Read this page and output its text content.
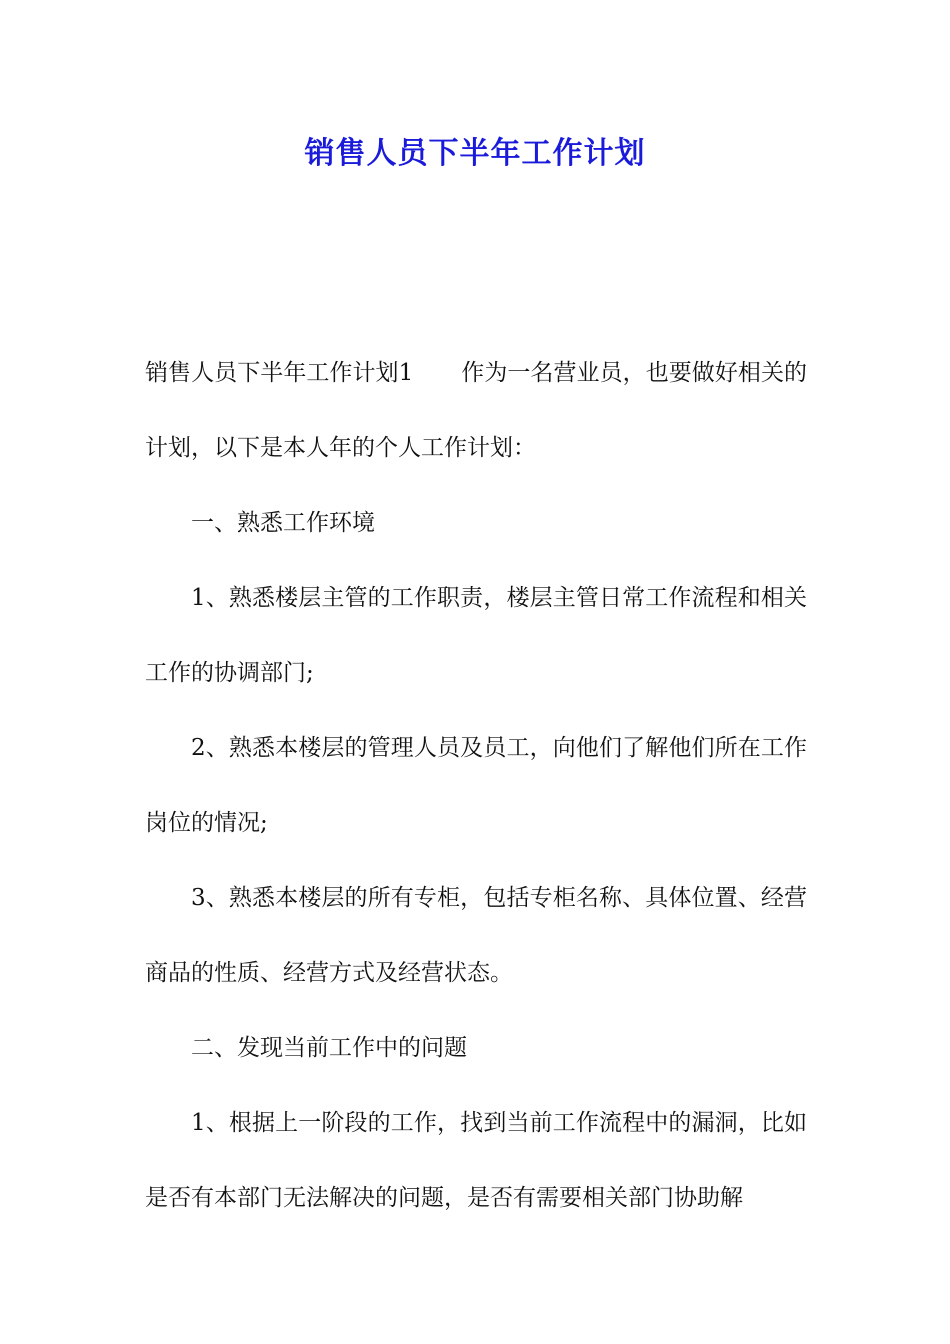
销售人员下半年工作计划

销售人员下半年工作计划1 作为一名营业员，也要做好相关的计划，以下是本人年的个人工作计划：

一、熟悉工作环境

1、熟悉楼层主管的工作职责，楼层主管日常工作流程和相关工作的协调部门;

2、熟悉本楼层的管理人员及员工，向他们了解他们所在工作岗位的情况;

3、熟悉本楼层的所有专柜，包括专柜名称、具体位置、经营商品的性质、经营方式及经营状态。

二、发现当前工作中的问题

1、根据上一阶段的工作，找到当前工作流程中的漏洞，比如是否有本部门无法解决的问题，是否有需要相关部门协助解
